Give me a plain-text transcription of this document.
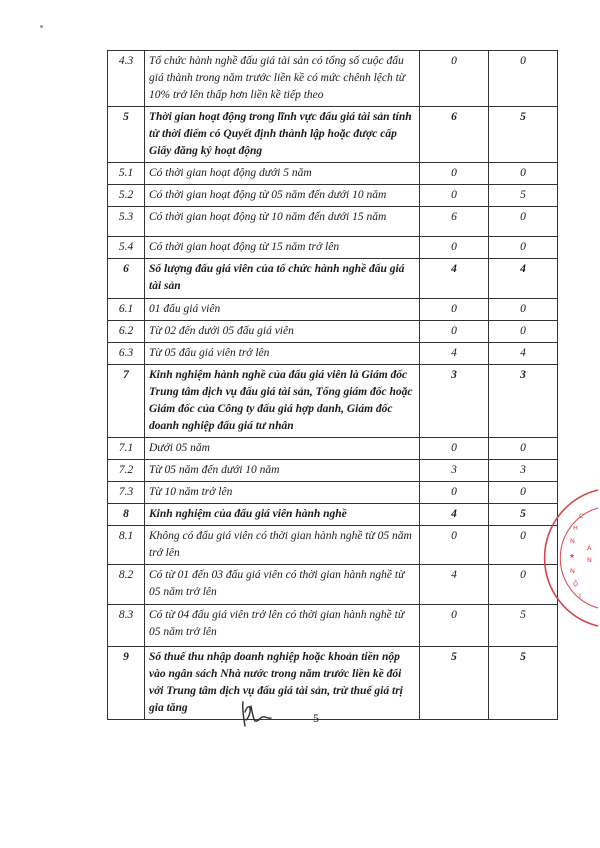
4.3	Tổ chức hành nghề đấu giá tài sản có tổng số cuộc đấu giá thành trong năm trước liền kề có mức chênh lệch từ 10% trở lên thấp hơn liền kề tiếp theo	0	0
5	Thời gian hoạt động trong lĩnh vực đấu giá tài sản tính từ thời điểm có Quyết định thành lập hoặc được cấp Giấy đăng ký hoạt động	6	5
5.1	Có thời gian hoạt động dưới 5 năm	0	0
5.2	Có thời gian hoạt động từ 05 năm đến dưới 10 năm	0	5
5.3	Có thời gian hoạt động từ 10 năm đến dưới 15 năm	6	0
5.4	Có thời gian hoạt động từ 15 năm trở lên	0	0
6	Số lượng đấu giá viên của tổ chức hành nghề đấu giá tài sản	4	4
6.1	01 đấu giá viên	0	0
6.2	Từ 02 đến dưới 05 đấu giá viên	0	0
6.3	Từ 05 đấu giá viên trở lên	4	4
7	Kinh nghiệm hành nghề của đấu giá viên là Giám đốc Trung tâm dịch vụ đấu giá tài sản, Tổng giám đốc hoặc Giám đốc của Công ty đấu giá hợp danh, Giám đốc doanh nghiệp đấu giá tư nhân	3	3
7.1	Dưới 05 năm	0	0
7.2	Từ 05 năm đến dưới 10 năm	3	3
7.3	Từ 10 năm trở lên	0	0
8	Kinh nghiệm của đấu giá viên hành nghề	4	5
8.1	Không có đấu giá viên có thời gian hành nghề từ 05 năm trở lên	0	0
8.2	Có từ 01 đến 03 đấu giá viên có thời gian hành nghề từ 05 năm trở lên	4	0
8.3	Có từ 04 đấu giá viên trở lên có thời gian hành nghề từ 05 năm trở lên	0	5
9	Số thuế thu nhập doanh nghiệp hoặc khoản tiền nộp vào ngân sách Nhà nước trong năm trước liền kề đối với Trung tâm dịch vụ đấu giá tài sản, trừ thuế giá trị gia tăng	5	5
5
C H N ★ N Ộ I À N
